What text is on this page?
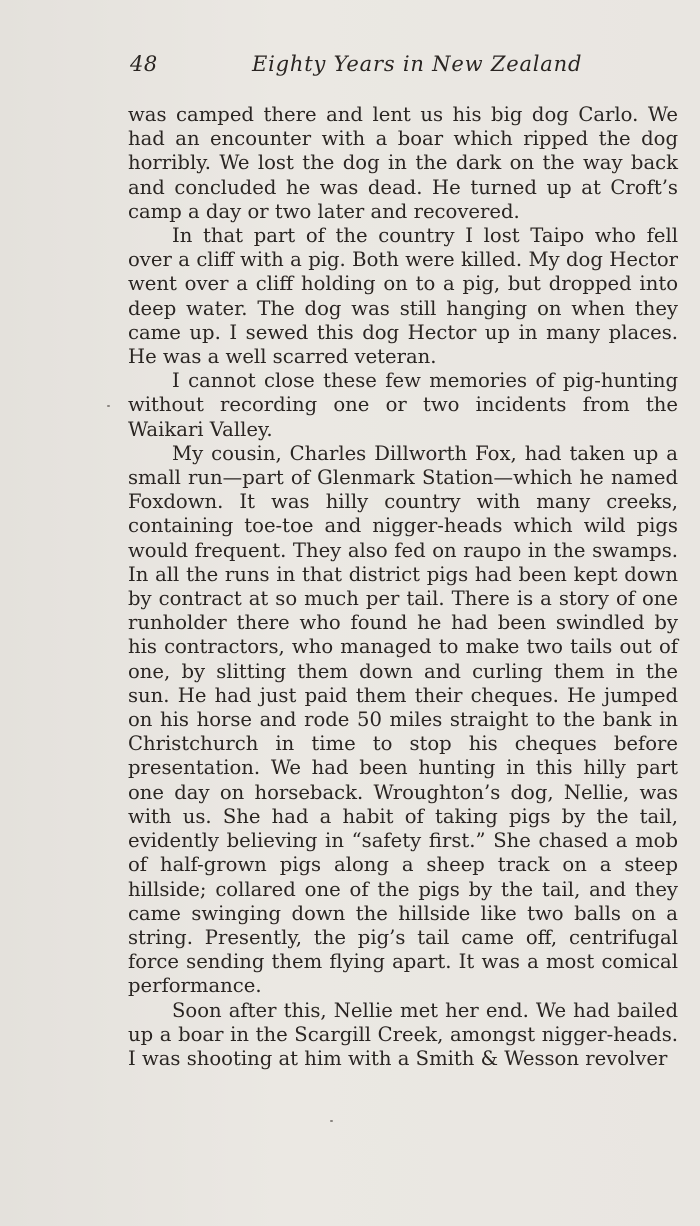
48	Eighty Years in New Zealand

was camped there and lent us his big dog Carlo. We had an encounter with a boar which ripped the dog horribly. We lost the dog in the dark on the way back and concluded he was dead. He turned up at Croft’s camp a day or two later and recovered.

In that part of the country I lost Taipo who fell over a cliff with a pig. Both were killed. My dog Hector went over a cliff holding on to a pig, but dropped into deep water. The dog was still hanging on when they came up. I sewed this dog Hector up in many places. He was a well scarred veteran.

I cannot close these few memories of pig-hunting without recording one or two incidents from the Waikari Valley.

My cousin, Charles Dillworth Fox, had taken up a small run—part of Glenmark Station—which he named Foxdown. It was hilly country with many creeks, containing toe-toe and nigger-heads which wild pigs would frequent. They also fed on raupo in the swamps. In all the runs in that district pigs had been kept down by contract at so much per tail. There is a story of one runholder there who found he had been swindled by his contractors, who managed to make two tails out of one, by slitting them down and curling them in the sun. He had just paid them their cheques. He jumped on his horse and rode 50 miles straight to the bank in Christchurch in time to stop his cheques before presentation. We had been hunting in this hilly part one day on horseback. Wroughton’s dog, Nellie, was with us. She had a habit of taking pigs by the tail, evidently believing in “safety first.” She chased a mob of half-grown pigs along a sheep track on a steep hillside; collared one of the pigs by the tail, and they came swinging down the hillside like two balls on a string. Presently, the pig’s tail came off, centrifugal force sending them flying apart. It was a most comical performance.

Soon after this, Nellie met her end. We had bailed up a boar in the Scargill Creek, amongst nigger-heads. I was shooting at him with a Smith & Wesson revolver
